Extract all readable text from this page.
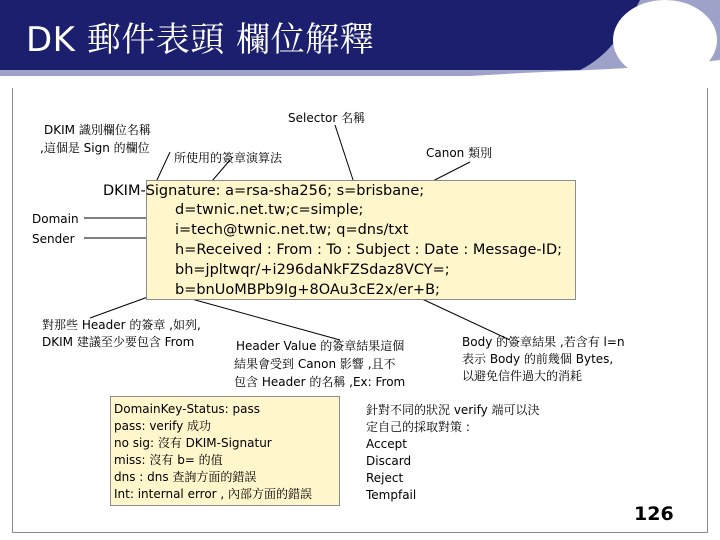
DK 郵件表頭 欄位解釋
Selector 名稱
DKIM 識別欄位名稱
,這個是 Sign 的欄位
所使用的簽章演算法	Canon 類別
Domain
Sender
DKIM-Signature: a=rsa-sha256; s=brisbane;
d=twnic.net.tw;c=simple;
i=tech@twnic.net.tw; q=dns/txt
h=Received : From : To : Subject : Date : Message-ID;
bh=jpltwqr/+i296daNkFZSdaz8VCY=;
b=bnUoMBPb9Ig+8OAu3cE2x/er+B;
對那些 Header 的簽章 ,如列,
DKIM 建議至少要包含 From	Header Value 的簽章結果這個
結果會受到 Canon 影響 ,且不
包含 Header 的名稱 ,Ex: From
Body 的簽章結果 ,若含有 l=n
表示 Body 的前幾個 Bytes,
以避免信件過大的消耗
DomainKey-Status: pass
pass: verify 成功
no sig: 沒有 DKIM-Signatur
miss: 沒有 b= 的值
dns : dns 查詢方面的錯誤
Int: internal error , 內部方面的錯誤
針對不同的狀況 verify 端可以決
定自己的採取對策 :
Accept
Discard
Reject
Tempfail
126
